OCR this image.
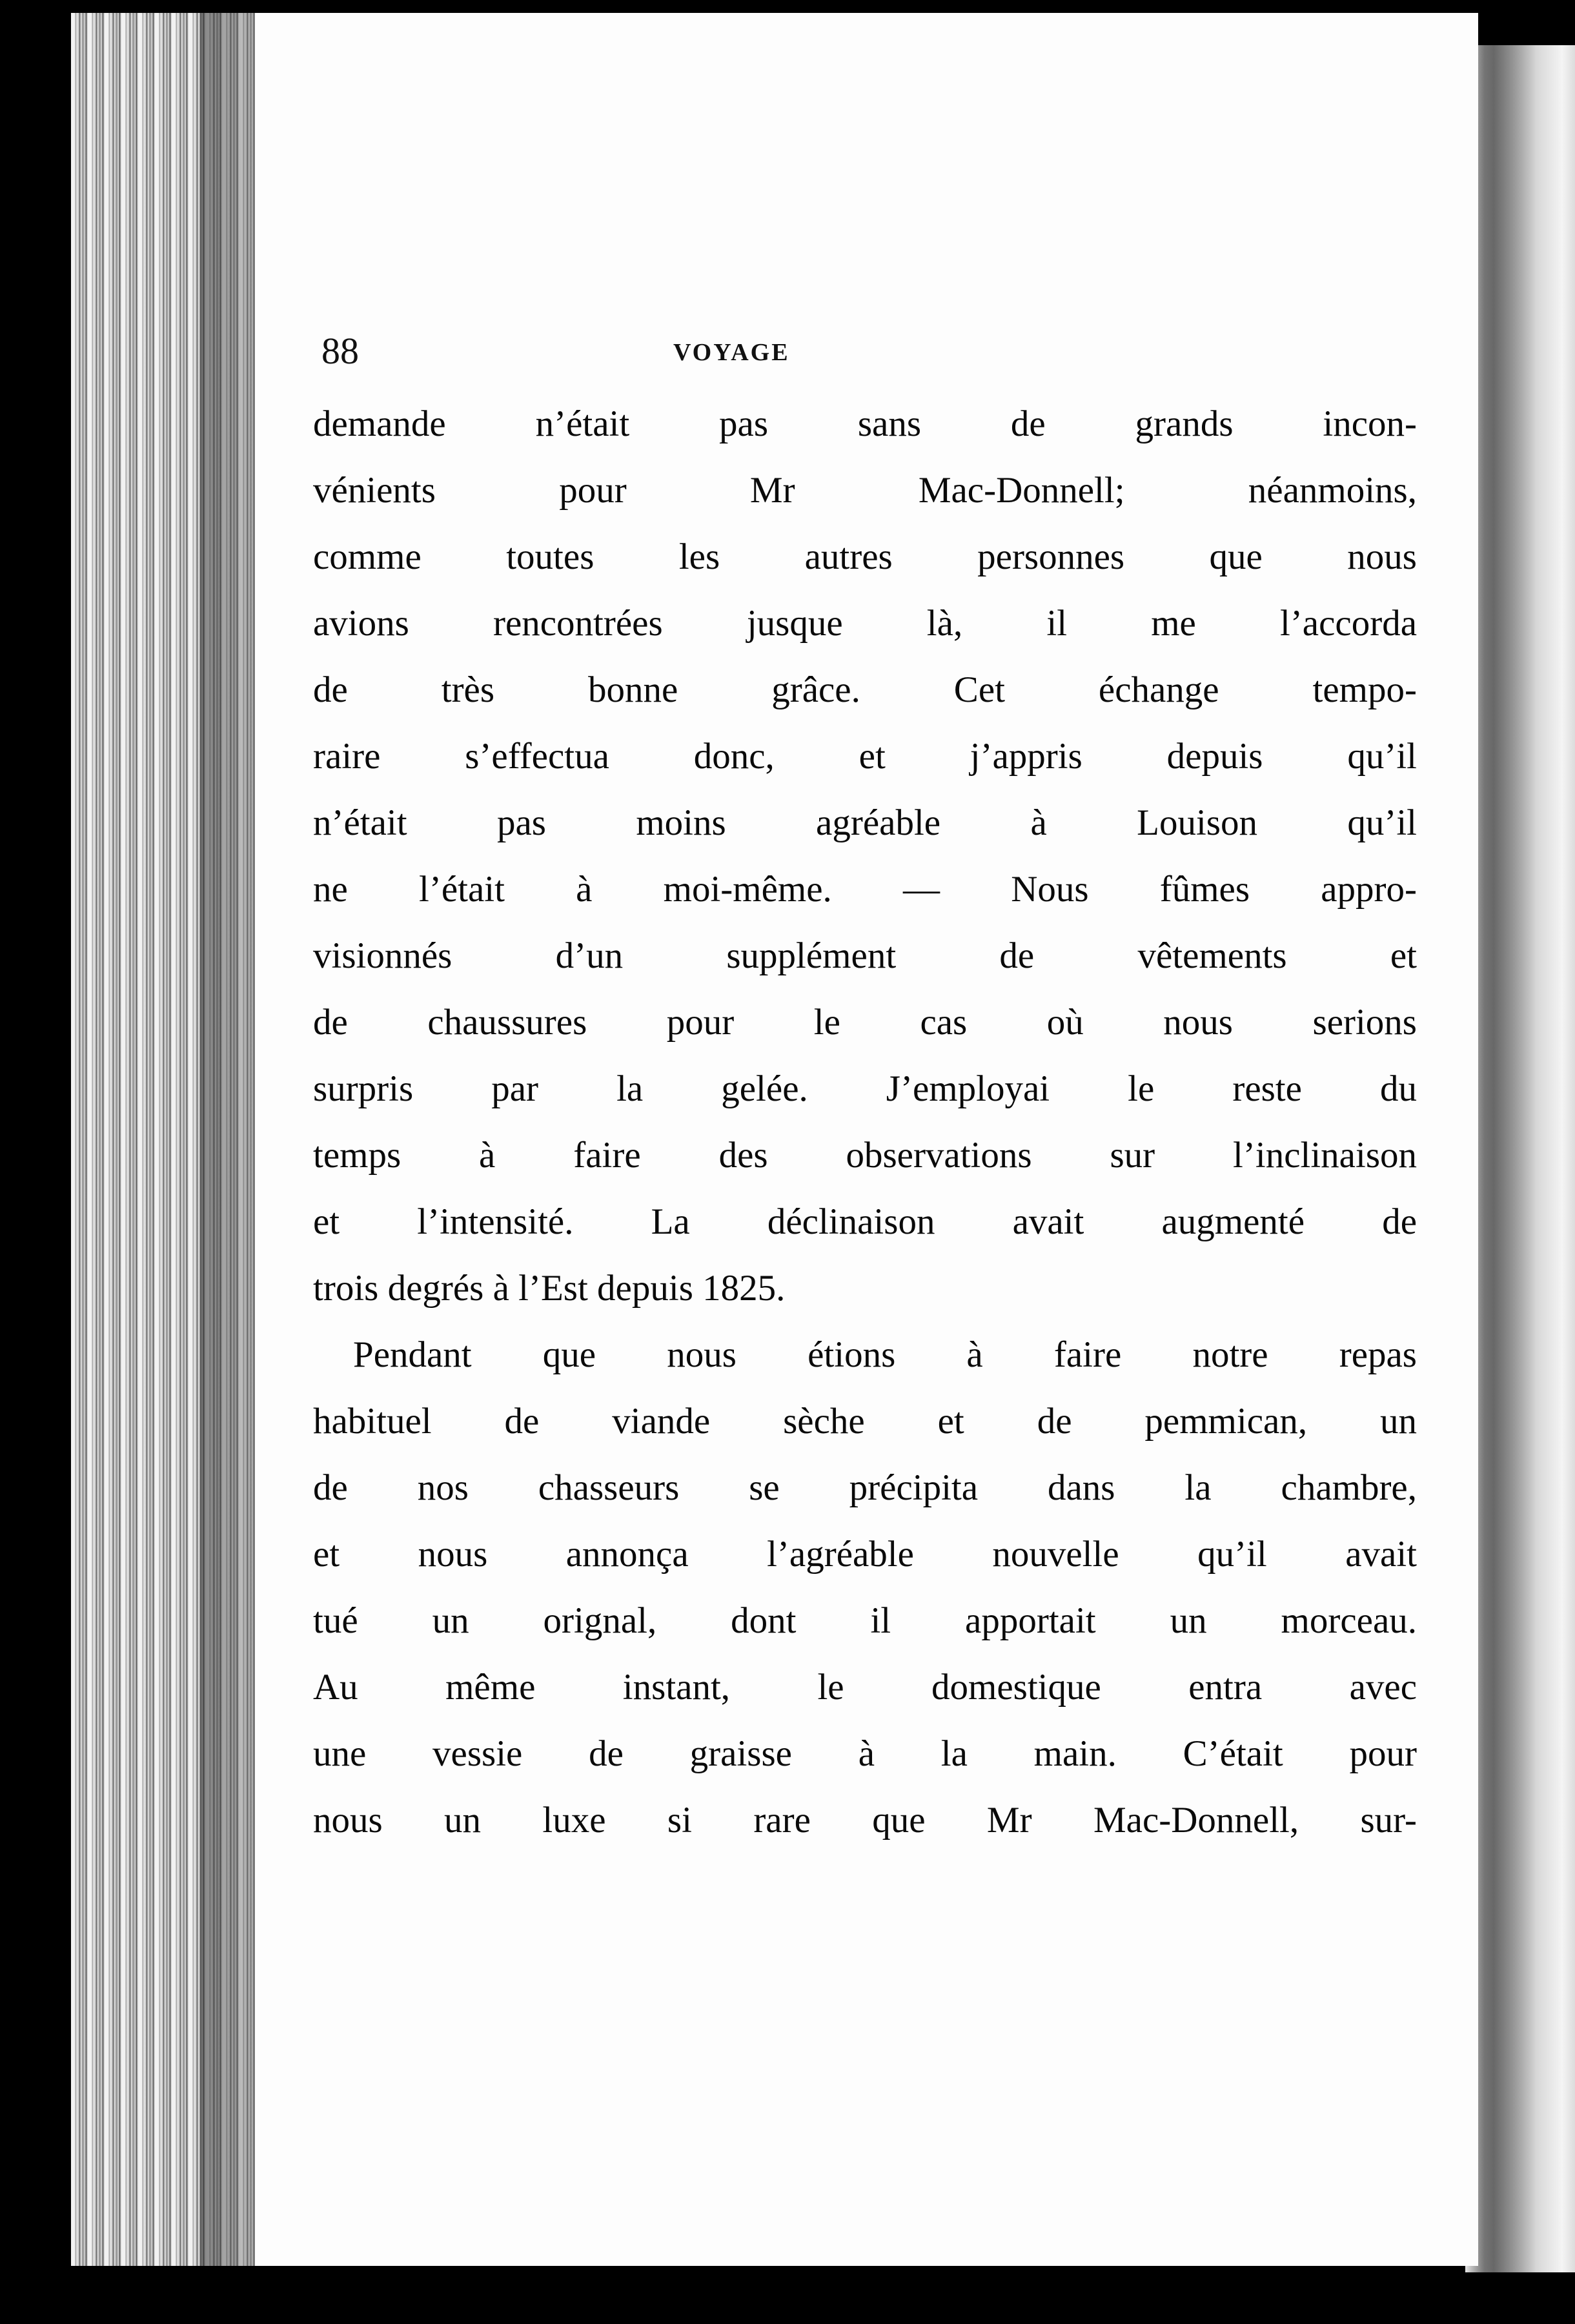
88	VOYAGE
demande n’était pas sans de grands incon-
vénients pour Mr Mac-Donnell; néanmoins,
comme toutes les autres personnes que nous
avions rencontrées jusque là, il me l’accorda
de très bonne grâce. Cet échange tempo-
raire s’effectua donc, et j’appris depuis qu’il
n’était pas moins agréable à Louison qu’il
ne l’était à moi-même. — Nous fûmes appro-
visionnés d’un supplément de vêtements et
de chaussures pour le cas où nous serions
surpris par la gelée. J’employai le reste du
temps à faire des observations sur l’inclinaison
et l’intensité. La déclinaison avait augmenté de
trois degrés à l’Est depuis 1825.
Pendant que nous étions à faire notre repas
habituel de viande sèche et de pemmican, un
de nos chasseurs se précipita dans la chambre,
et nous annonça l’agréable nouvelle qu’il avait
tué un orignal, dont il apportait un morceau.
Au même instant, le domestique entra avec
une vessie de graisse à la main. C’était pour
nous un luxe si rare que Mr Mac-Donnell, sur-
